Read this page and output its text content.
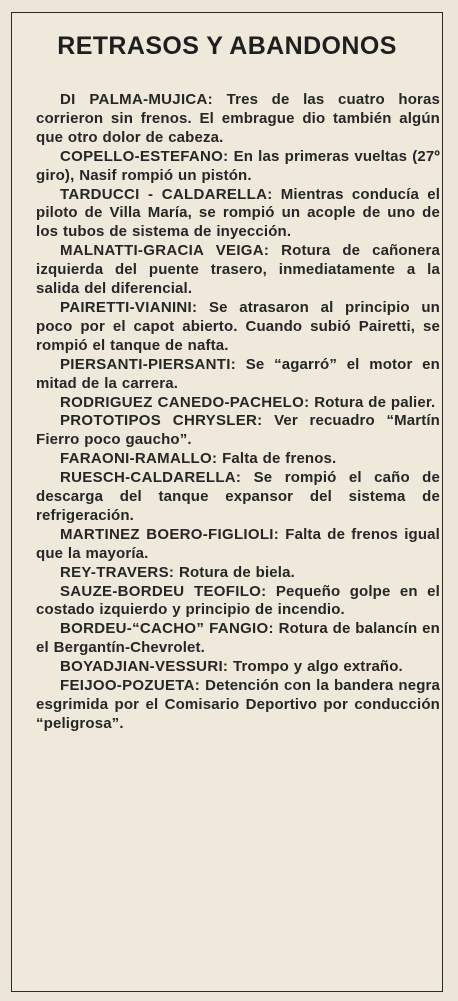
RETRASOS Y ABANDONOS

DI PALMA-MUJICA: Tres de las cuatro horas corrieron sin frenos. El embrague dio también algún que otro dolor de cabeza.

COPELLO-ESTEFANO: En las primeras vueltas (27º giro), Nasif rompió un pistón.

TARDUCCI - CALDARELLA: Mientras conducía el piloto de Villa María, se rompió un acople de uno de los tubos de sistema de inyección.

MALNATTI-GRACIA VEIGA: Rotura de cañonera izquierda del puente trasero, inmediatamente a la salida del diferencial.

PAIRETTI-VIANINI: Se atrasaron al principio un poco por el capot abierto. Cuando subió Pairetti, se rompió el tanque de nafta.

PIERSANTI-PIERSANTI: Se “agarró” el motor en mitad de la carrera.

RODRIGUEZ CANEDO-PACHELO: Rotura de palier.

PROTOTIPOS CHRYSLER: Ver recuadro “Martín Fierro poco gaucho”.

FARAONI-RAMALLO: Falta de frenos.

RUESCH-CALDARELLA: Se rompió el caño de descarga del tanque expansor del sistema de refrigeración.

MARTINEZ BOERO-FIGLIOLI: Falta de frenos igual que la mayoría.

REY-TRAVERS: Rotura de biela.

SAUZE-BORDEU TEOFILO: Pequeño golpe en el costado izquierdo y principio de incendio.

BORDEU-“CACHO” FANGIO: Rotura de balancín en el Bergantín-Chevrolet.

BOYADJIAN-VESSURI: Trompo y algo extraño.

FEIJOO-POZUETA: Detención con la bandera negra esgrimida por el Comisario Deportivo por conducción “peligrosa”.
